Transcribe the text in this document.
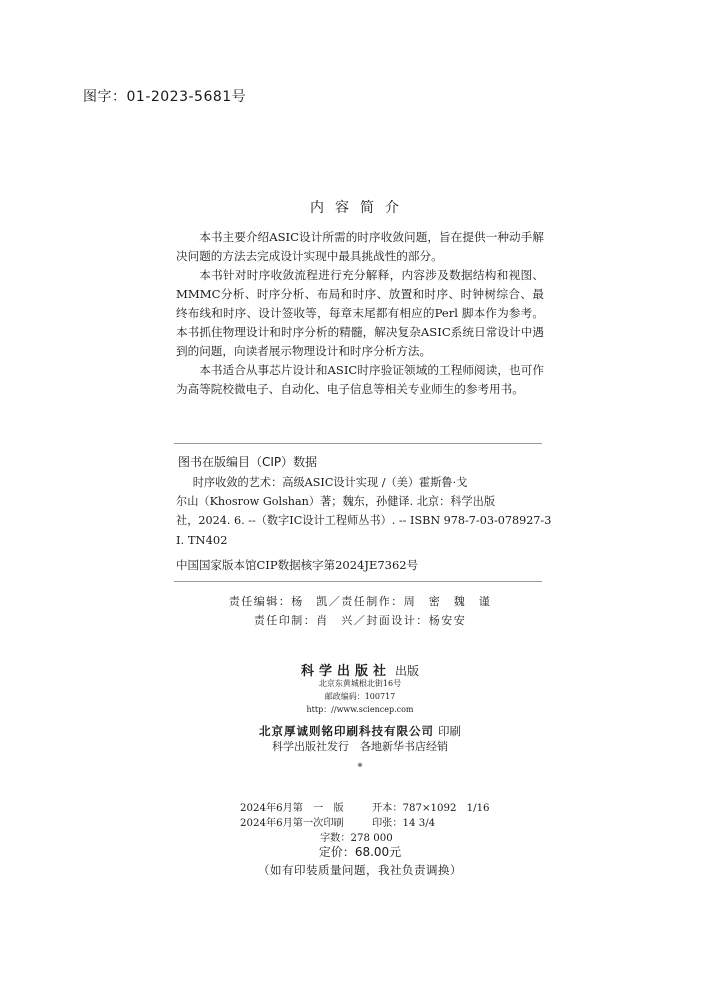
图字：01-2023-5681号
内容简介

本书主要介绍ASIC设计所需的时序收敛问题，旨在提供一种动手解决问题的方法去完成设计实现中最具挑战性的部分。

本书针对时序收敛流程进行充分解释，内容涉及数据结构和视图、MMMC分析、时序分析、布局和时序、放置和时序、时钟树综合、最终布线和时序、设计签收等，每章末尾都有相应的Perl 脚本作为参考。本书抓住物理设计和时序分析的精髓，解决复杂ASIC系统日常设计中遇到的问题，向读者展示物理设计和时序分析方法。

本书适合从事芯片设计和ASIC时序验证领域的工程师阅读，也可作为高等院校微电子、自动化、电子信息等相关专业师生的参考用书。

图书在版编目（CIP）数据
时序收敛的艺术：高级ASIC设计实现 /（美）霍斯鲁·戈
尔山（Khosrow Golshan）著；魏东，孙健译. 北京：科学出版
社，2024. 6. --（数字IC设计工程师丛书）. -- ISBN 978-7-03-078927-3
Ⅰ. TN402
中国国家版本馆CIP数据核字第2024JE7362号
责任编辑：杨　凯／责任制作：周　密　魏　谨
责任印制：肖　兴／封面设计：杨安安
科学出版社 出版
北京东黄城根北街16号
邮政编码：100717
http：//www.sciencep.com
北京厚诚则铭印刷科技有限公司 印刷
科学出版社发行　各地新华书店经销
*
2024年6月第　一　版	开本：787×1092　1/16
2024年6月第一次印刷	印张：14 3/4
字数：278 000
定价：68.00元
（如有印装质量问题，我社负责调换）
